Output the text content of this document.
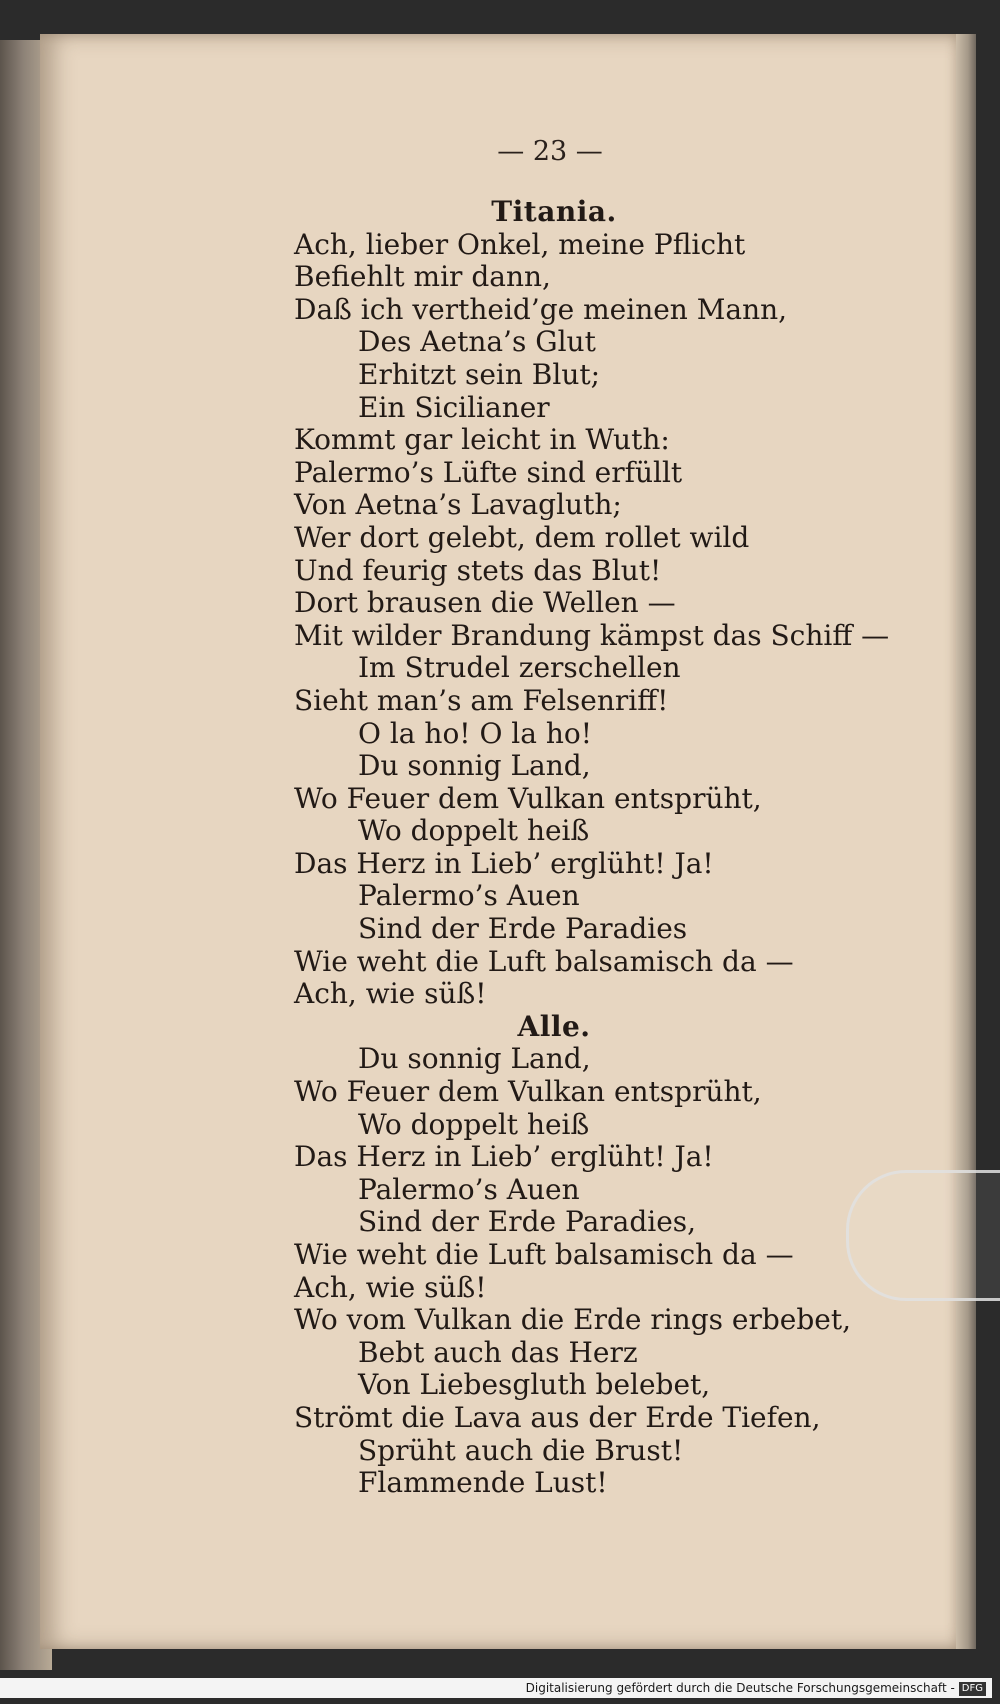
— 23 —
Titania.
Ach, lieber Onkel, meine Pflicht
Befiehlt mir dann,
Daß ich vertheid’ge meinen Mann,
Des Aetna’s Glut
Erhitzt sein Blut;
Ein Sicilianer
Kommt gar leicht in Wuth:
Palermo’s Lüfte sind erfüllt
Von Aetna’s Lavagluth;
Wer dort gelebt, dem rollet wild
Und feurig stets das Blut!
Dort brausen die Wellen —
Mit wilder Brandung kämpst das Schiff —
Im Strudel zerschellen
Sieht man’s am Felsenriff!
O la ho! O la ho!
Du sonnig Land,
Wo Feuer dem Vulkan entsprüht,
Wo doppelt heiß
Das Herz in Lieb’ erglüht! Ja!
Palermo’s Auen
Sind der Erde Paradies
Wie weht die Luft balsamisch da —
Ach, wie süß!
Alle.
Du sonnig Land,
Wo Feuer dem Vulkan entsprüht,
Wo doppelt heiß
Das Herz in Lieb’ erglüht! Ja!
Palermo’s Auen
Sind der Erde Paradies,
Wie weht die Luft balsamisch da —
Ach, wie süß!
Wo vom Vulkan die Erde rings erbebet,
Bebt auch das Herz
Von Liebesgluth belebet,
Strömt die Lava aus der Erde Tiefen,
Sprüht auch die Brust!
Flammende Lust!
Digitalisierung gefördert durch die Deutsche Forschungsgemeinschaft - DFG
